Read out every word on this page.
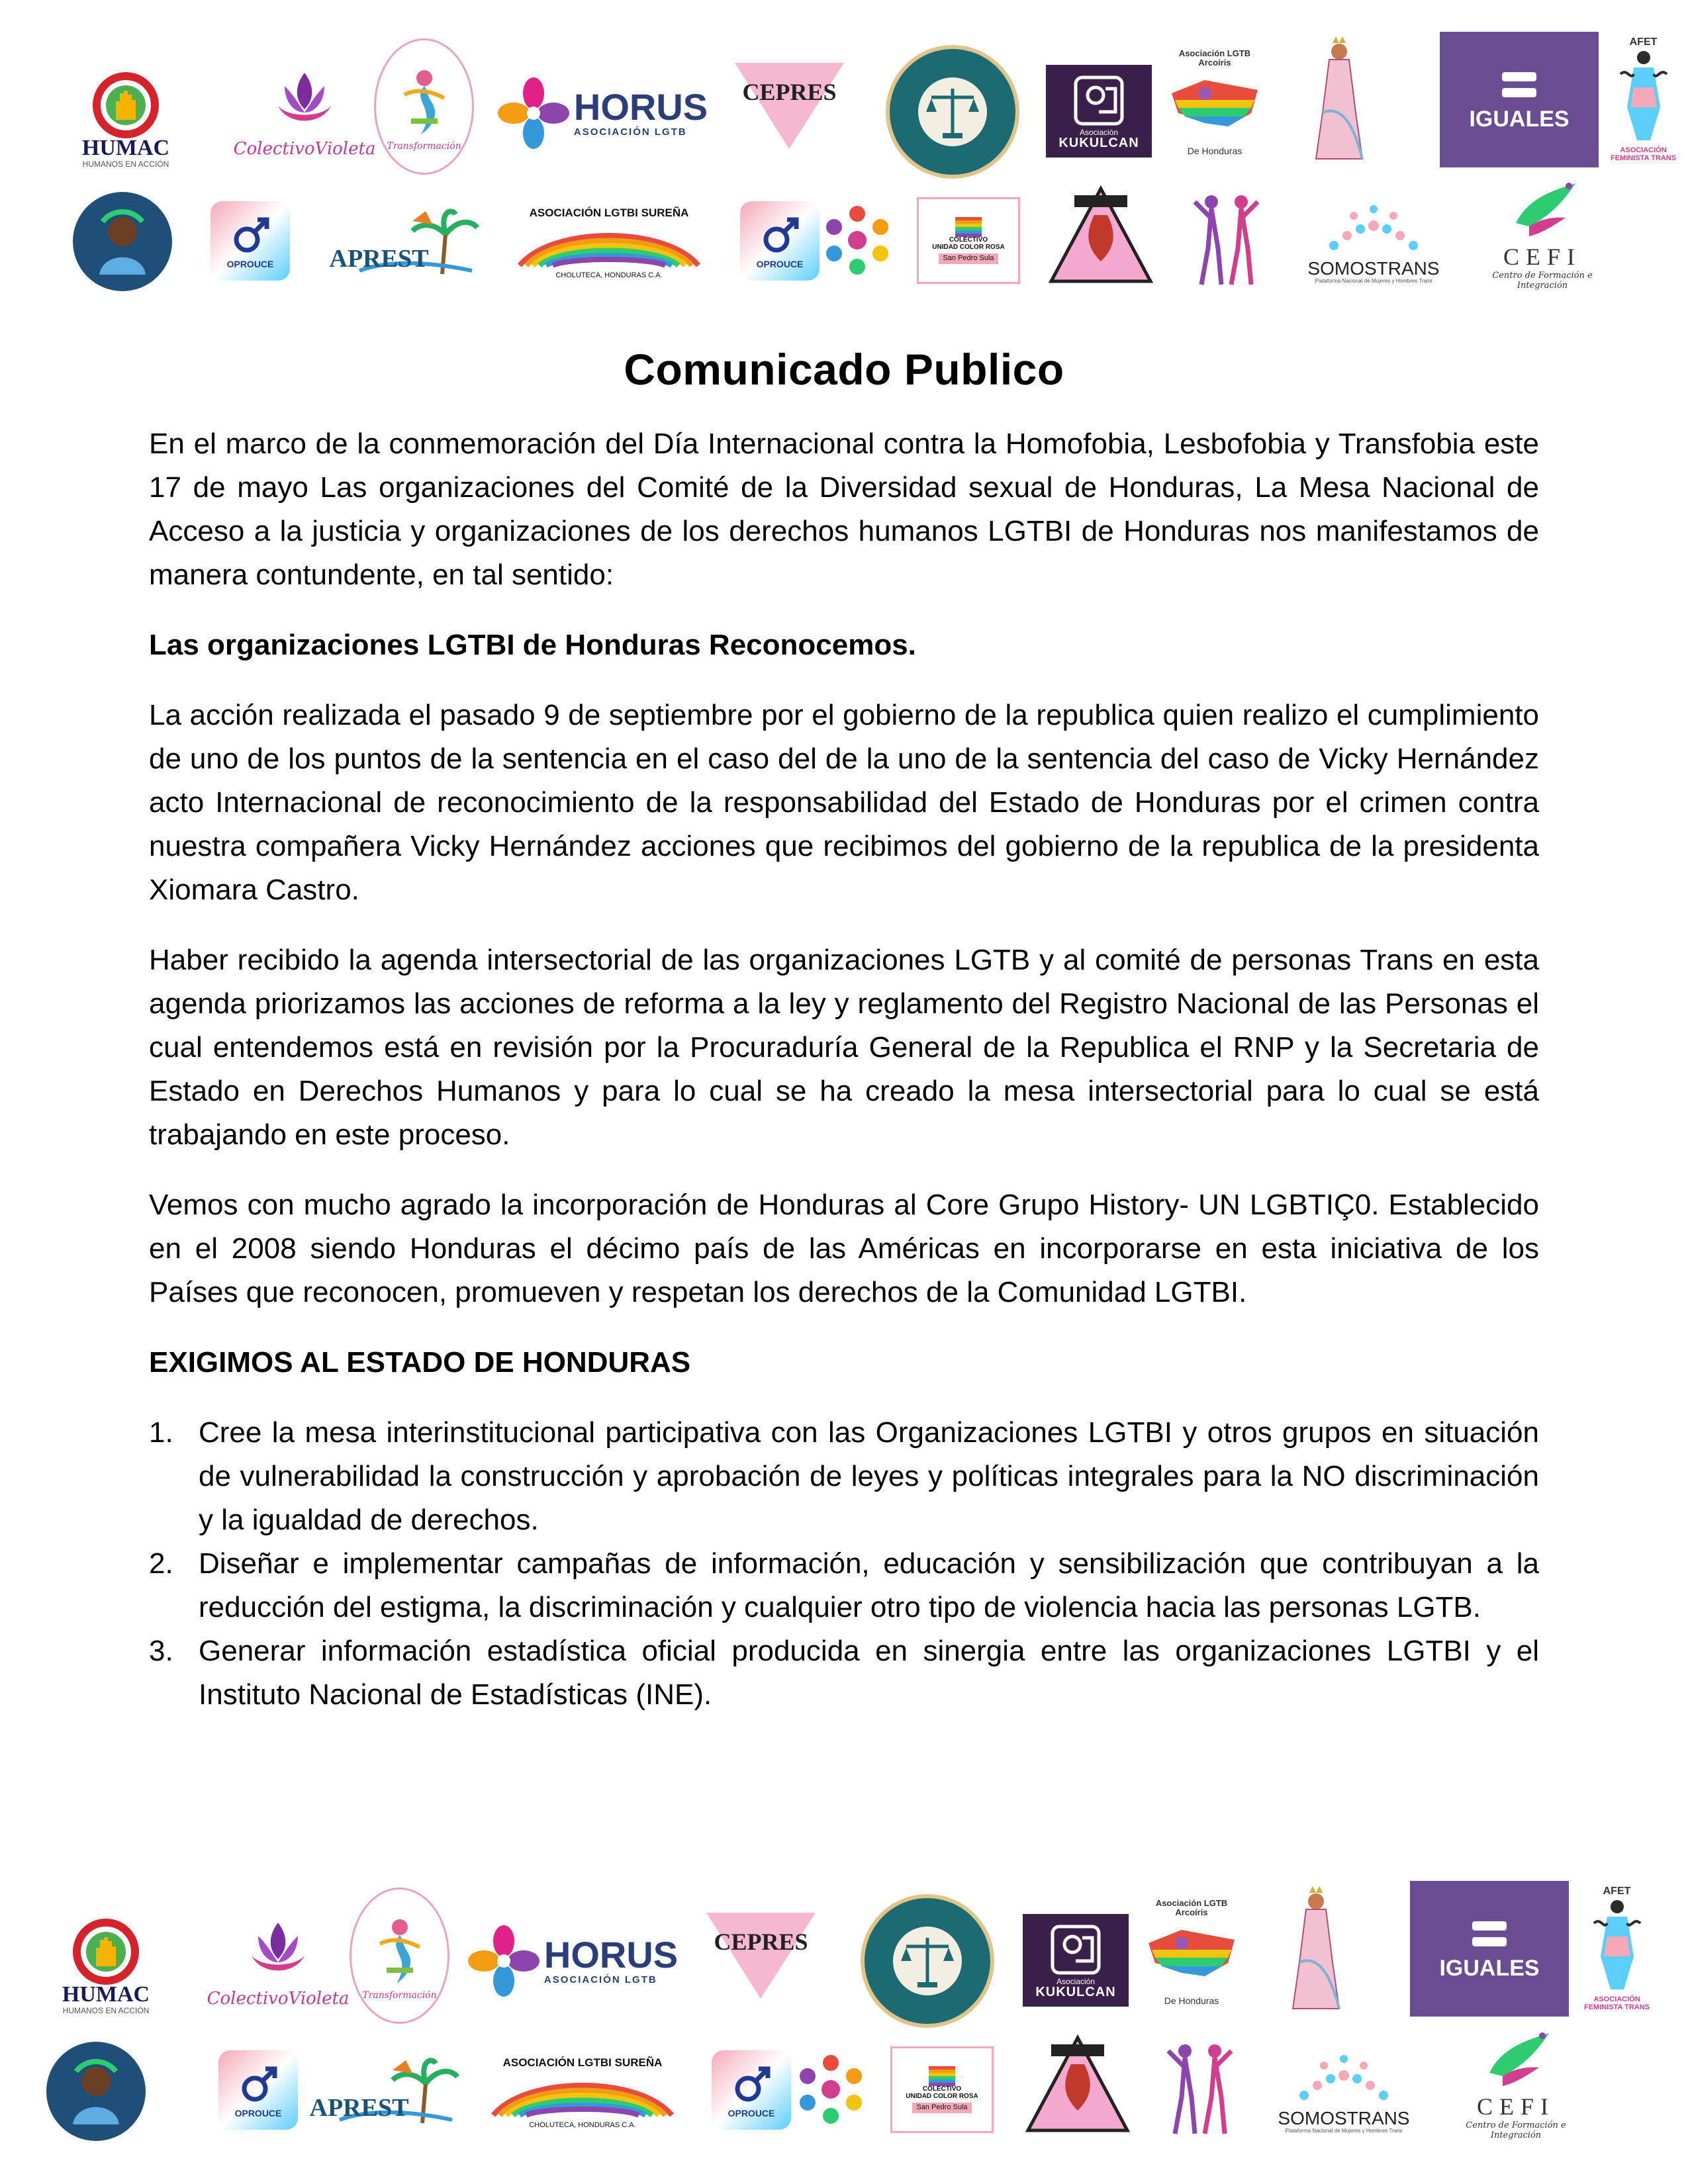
HUMAC
HUMANOS EN ACCIÓN
ColectivoVioleta Transformación
HORUS
ASOCIACIÓN LGTB
CEPRES
Asociación
KUKULCAN
Asociación LGTB Arcoíris
De Honduras
IGUALES
AFET
ASOCIACIÓN FEMINISTA TRANS
OPROUCE APREST
ASOCIACIÓN LGTBI SUREÑA
CHOLUTECA, HONDURAS C.A.
OPROUCE
COLECTIVO
UNIDAD COLOR ROSA
San Pedro Sula	SOMOSTRANS
Plataforma Nacional de Mujeres y Hombres Trans
CEFI
Centro de Formación e Integración
Comunicado Publico

En el marco de la conmemoración del Día Internacional contra la Homofobia, Lesbofobia y Transfobia este 17 de mayo Las organizaciones del Comité de la Diversidad sexual de Honduras, La Mesa Nacional de Acceso a la justicia y organizaciones de los derechos humanos LGTBI de Honduras nos manifestamos de manera contundente, en tal sentido:

Las organizaciones LGTBI de Honduras Reconocemos.

La acción realizada el pasado 9 de septiembre por el gobierno de la republica quien realizo el cumplimiento de uno de los puntos de la sentencia en el caso del de la uno de la sentencia del caso de Vicky Hernández acto Internacional de reconocimiento de la responsabilidad del Estado de Honduras por el crimen contra nuestra compañera Vicky Hernández acciones que recibimos del gobierno de la republica de la presidenta Xiomara Castro.

Haber recibido la agenda intersectorial de las organizaciones LGTB y al comité de personas Trans en esta agenda priorizamos las acciones de reforma a la ley y reglamento del Registro Nacional de las Personas el cual entendemos está en revisión por la Procuraduría General de la Republica el RNP y la Secretaria de Estado en Derechos Humanos y para lo cual se ha creado la mesa intersectorial para lo cual se está trabajando en este proceso.

Vemos con mucho agrado la incorporación de Honduras al Core Grupo History- UN LGBTIÇ0. Establecido en el 2008 siendo Honduras el décimo país de las Américas en incorporarse en esta iniciativa de los Países que reconocen, promueven y respetan los derechos de la Comunidad LGTBI.

EXIGIMOS AL ESTADO DE HONDURAS

1. Cree la mesa interinstitucional participativa con las Organizaciones LGTBI y otros grupos en situación de vulnerabilidad la construcción y aprobación de leyes y políticas integrales para la NO discriminación y la igualdad de derechos.
2. Diseñar e implementar campañas de información, educación y sensibilización que contribuyan a la reducción del estigma, la discriminación y cualquier otro tipo de violencia hacia las personas LGTB.
3. Generar información estadística oficial producida en sinergia entre las organizaciones LGTBI y el Instituto Nacional de Estadísticas (INE).
HUMAC
HUMANOS EN ACCIÓN
ColectivoVioleta Transformación
HORUS
ASOCIACIÓN LGTB
CEPRES
Asociación
KUKULCAN
Asociación LGTB Arcoíris
De Honduras
IGUALES
AFET
ASOCIACIÓN FEMINISTA TRANS
OPROUCE APREST
ASOCIACIÓN LGTBI SUREÑA
CHOLUTECA, HONDURAS C.A.
OPROUCE
COLECTIVO
UNIDAD COLOR ROSA
San Pedro Sula
SOMOSTRANS
Plataforma Nacional de Mujeres y Hombres Trans
CEFI
Centro de Formación e Integración
